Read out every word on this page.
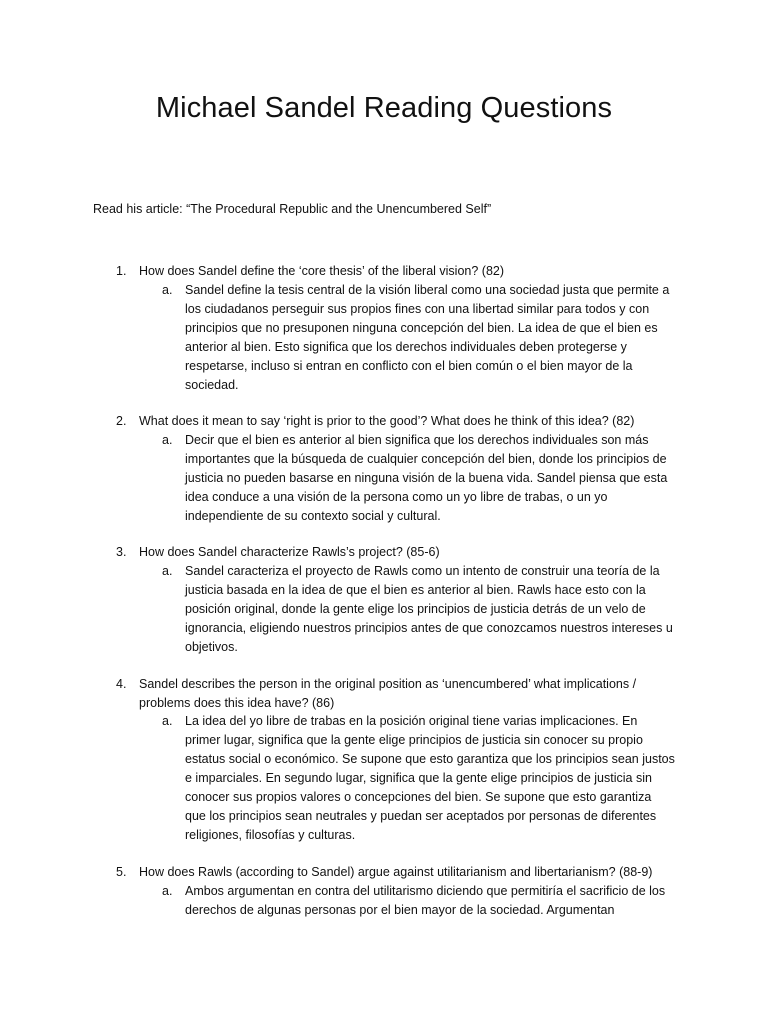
Michael Sandel Reading Questions
Read his article: “The Procedural Republic and the Unencumbered Self”
1. How does Sandel define the ‘core thesis’ of the liberal vision? (82)
a. Sandel define la tesis central de la visión liberal como una sociedad justa que permite a los ciudadanos perseguir sus propios fines con una libertad similar para todos y con principios que no presuponen ninguna concepción del bien. La idea de que el bien es anterior al bien. Esto significa que los derechos individuales deben protegerse y respetarse, incluso si entran en conflicto con el bien común o el bien mayor de la sociedad.
2. What does it mean to say ‘right is prior to the good’? What does he think of this idea? (82)
a. Decir que el bien es anterior al bien significa que los derechos individuales son más importantes que la búsqueda de cualquier concepción del bien, donde los principios de justicia no pueden basarse en ninguna visión de la buena vida. Sandel piensa que esta idea conduce a una visión de la persona como un yo libre de trabas, o un yo independiente de su contexto social y cultural.
3. How does Sandel characterize Rawls’s project? (85-6)
a. Sandel caracteriza el proyecto de Rawls como un intento de construir una teoría de la justicia basada en la idea de que el bien es anterior al bien. Rawls hace esto con la posición original, donde la gente elige los principios de justicia detrás de un velo de ignorancia, eligiendo nuestros principios antes de que conozcamos nuestros intereses u objetivos.
4. Sandel describes the person in the original position as ‘unencumbered’ what implications / problems does this idea have? (86)
a. La idea del yo libre de trabas en la posición original tiene varias implicaciones. En primer lugar, significa que la gente elige principios de justicia sin conocer su propio estatus social o económico. Se supone que esto garantiza que los principios sean justos e imparciales. En segundo lugar, significa que la gente elige principios de justicia sin conocer sus propios valores o concepciones del bien. Se supone que esto garantiza que los principios sean neutrales y puedan ser aceptados por personas de diferentes religiones, filosofías y culturas.
5. How does Rawls (according to Sandel) argue against utilitarianism and libertarianism? (88-9)
a. Ambos argumentan en contra del utilitarismo diciendo que permitiría el sacrificio de los derechos de algunas personas por el bien mayor de la sociedad. Argumentan
